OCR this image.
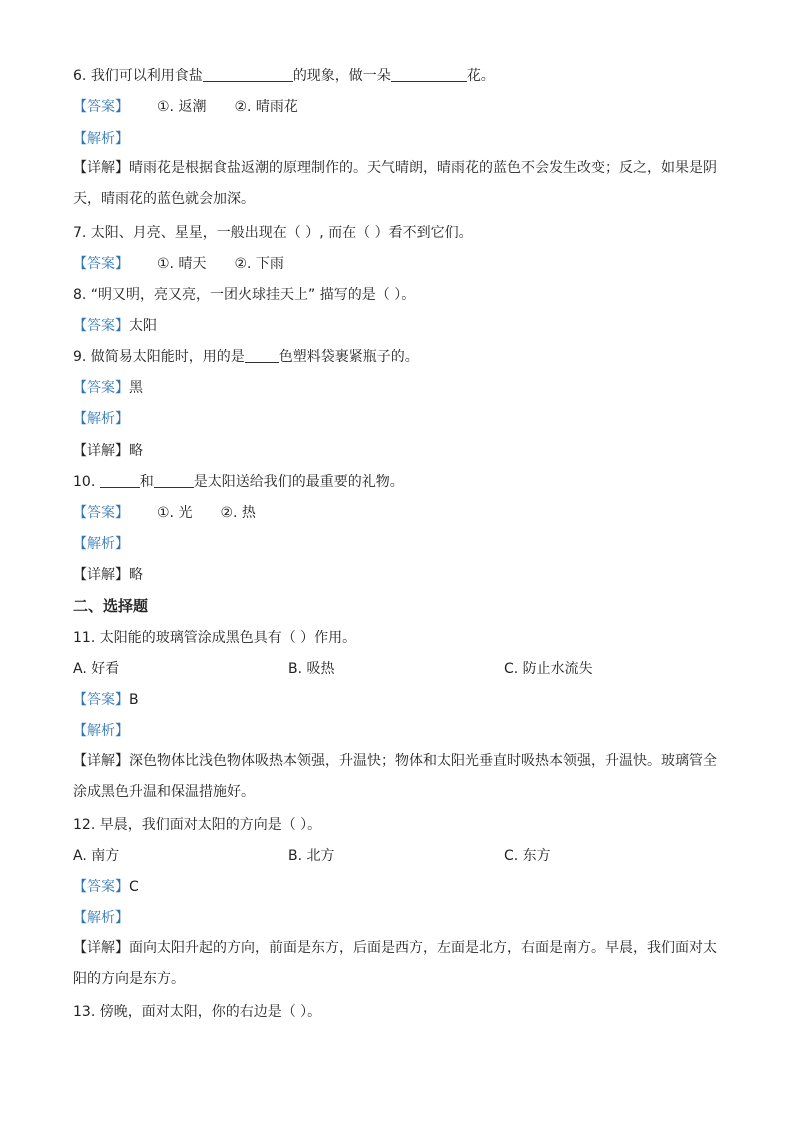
6. 我们可以利用食盐	的现象，做一朵	花。
【答案】 ①. 返潮 ②. 晴雨花
【解析】
【详解】晴雨花是根据食盐返潮的原理制作的。天气晴朗，晴雨花的蓝色不会发生改变；反之，如果是阴天，晴雨花的蓝色就会加深。
7. 太阳、月亮、星星，一般出现在（ ）, 而在（ ）看不到它们。
【答案】 ①. 晴天 ②. 下雨
8. “明又明，亮又亮，一团火球挂天上” 描写的是（ ）。
【答案】太阳
9. 做简易太阳能时，用的是 色塑料袋裹紧瓶子的。
【答案】黑
【解析】
【详解】略
10.	和	是太阳送给我们的最重要的礼物。
【答案】 ①. 光 ②. 热
【解析】
【详解】略
二、选择题
11. 太阳能的玻璃管涂成黑色具有（ ）作用。
A. 好看	B. 吸热	C. 防止水流失
【答案】B
【解析】
【详解】深色物体比浅色物体吸热本领强，升温快；物体和太阳光垂直时吸热本领强，升温快。玻璃管全涂成黑色升温和保温措施好。
12. 早晨，我们面对太阳的方向是（ ）。
A. 南方	B. 北方	C. 东方
【答案】C
【解析】
【详解】面向太阳升起的方向，前面是东方，后面是西方，左面是北方，右面是南方。早晨，我们面对太阳的方向是东方。
13. 傍晚，面对太阳，你的右边是（ ）。
